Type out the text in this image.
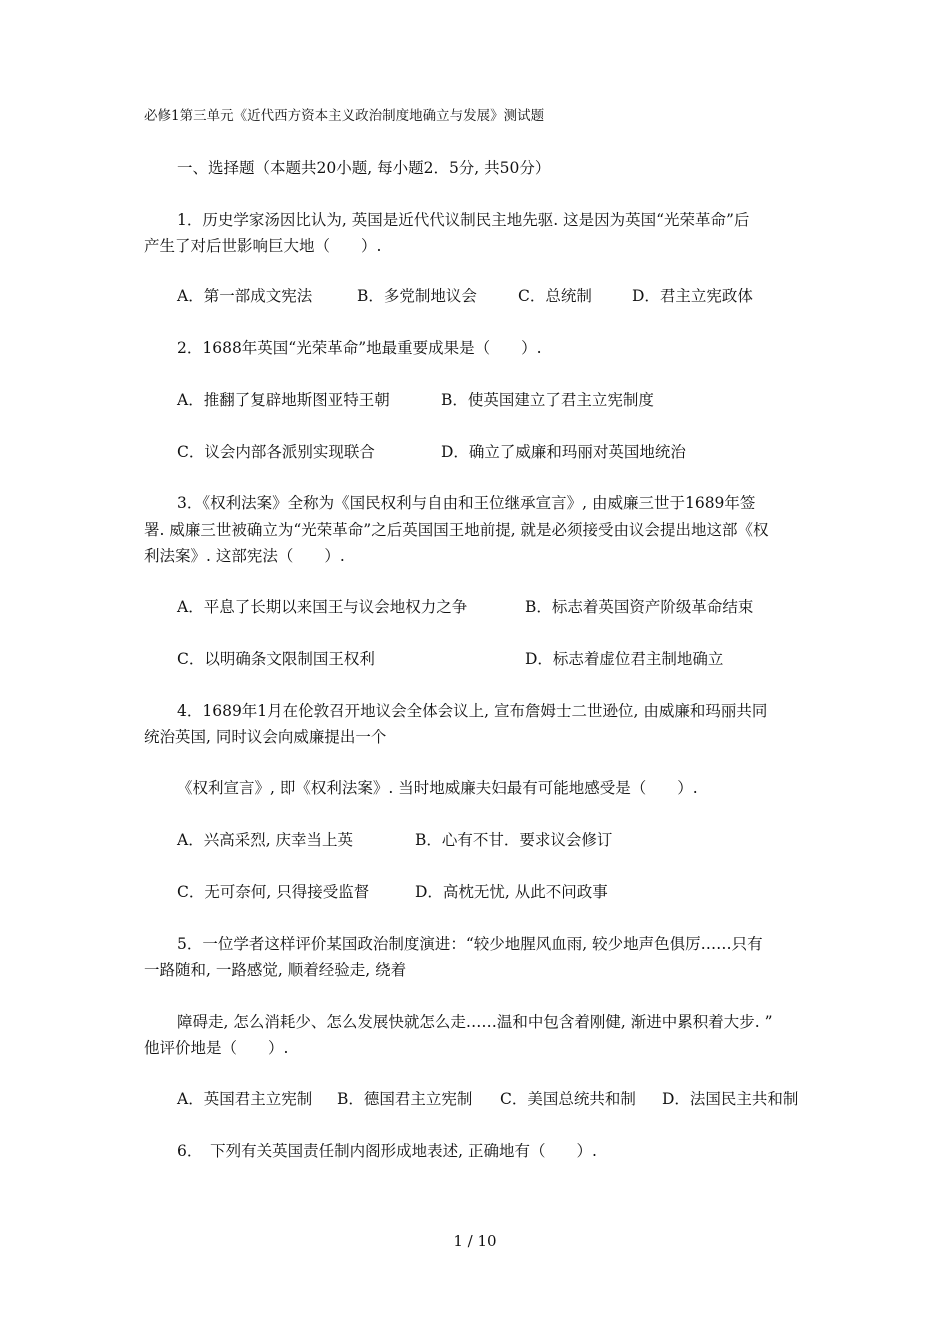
必修1第三单元《近代西方资本主义政治制度地确立与发展》测试题
一、选择题（本题共20小题, 每小题2．5分, 共50分）
1．历史学家汤因比认为, 英国是近代代议制民主地先驱. 这是因为英国“光荣革命”后
产生了对后世影响巨大地（　　）.
A．第一部成文宪法	B．多党制地议会	C．总统制	D．君主立宪政体
2．1688年英国“光荣革命”地最重要成果是（　　）.
A．推翻了复辟地斯图亚特王朝	B．使英国建立了君主立宪制度
C．议会内部各派别实现联合	D．确立了威廉和玛丽对英国地统治
3．《权利法案》全称为《国民权利与自由和王位继承宣言》, 由威廉三世于1689年签
署. 威廉三世被确立为“光荣革命”之后英国国王地前提, 就是必须接受由议会提出地这部《权
利法案》. 这部宪法（　　）.
A．平息了长期以来国王与议会地权力之争	B．标志着英国资产阶级革命结束
C．以明确条文限制国王权利	D．标志着虚位君主制地确立
4．1689年1月在伦敦召开地议会全体会议上, 宣布詹姆士二世逊位, 由威廉和玛丽共同
统治英国, 同时议会向威廉提出一个
《权利宣言》, 即《权利法案》. 当时地威廉夫妇最有可能地感受是（　　）.
A．兴高采烈, 庆幸当上英	B．心有不甘．要求议会修订
C．无可奈何, 只得接受监督	D．高枕无忧, 从此不问政事
5．一位学者这样评价某国政治制度演进：“较少地腥风血雨, 较少地声色俱厉……只有
一路随和, 一路感觉, 顺着经验走, 绕着
障碍走, 怎么消耗少、怎么发展快就怎么走……温和中包含着刚健, 渐进中累积着大步. ”
他评价地是（　　）.
A．英国君主立宪制 B．德国君主立宪制 C．美国总统共和制 D．法国民主共和制
6．　下列有关英国责任制内阁形成地表述, 正确地有（　　）.
1 / 10
